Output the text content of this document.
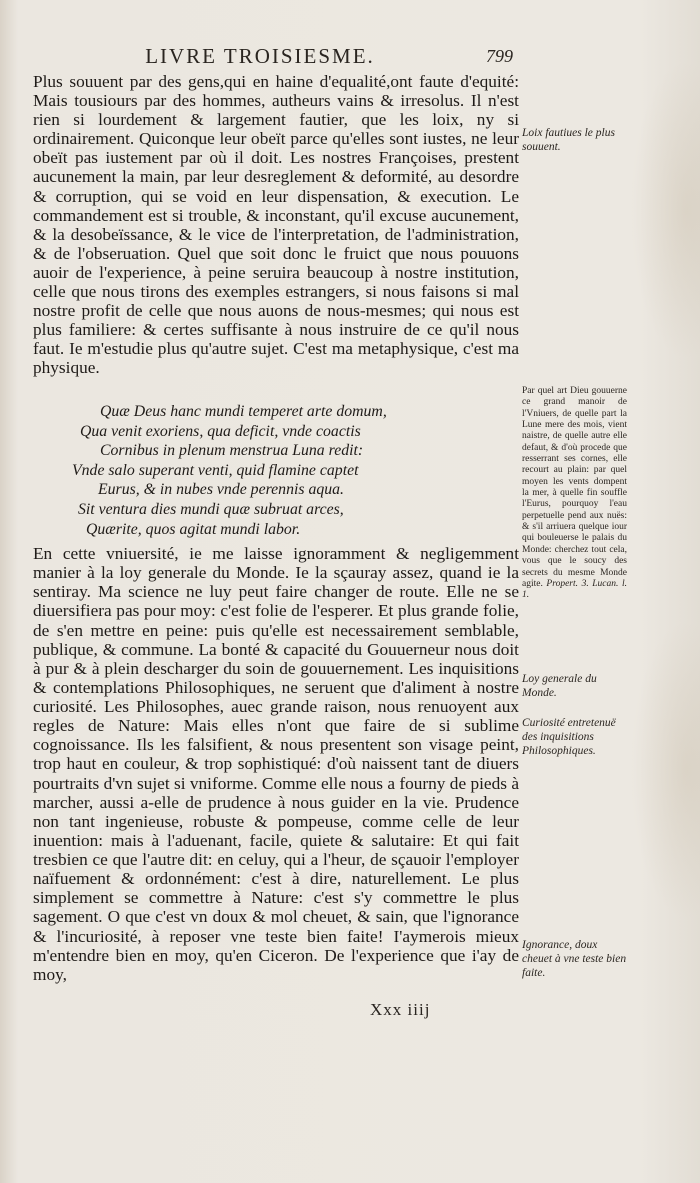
LIVRE TROISIESME.	799

Plus souuent par des gens,qui en haine d'equalité,ont faute d'equité: Mais tousiours par des hommes, autheurs vains & irresolus. Il n'est rien si lourdement & largement fautier, que les loix, ny si ordinairement. Quiconque leur obeït parce qu'elles sont iustes, ne leur obeït pas iustement par où il doit. Les nostres Françoises, prestent aucunement la main, par leur desreglement & deformité, au desordre & corruption, qui se void en leur dispensation, & execution. Le commandement est si trouble, & inconstant, qu'il excuse aucunement, & la desobeïssance, & le vice de l'interpretation, de l'administration, & de l'obseruation. Quel que soit donc le fruict que nous pouuons auoir de l'experience, à peine seruira beaucoup à nostre institution, celle que nous tirons des exemples estrangers, si nous faisons si mal nostre profit de celle que nous auons de nous-mesmes; qui nous est plus familiere: & certes suffisante à nous instruire de ce qu'il nous faut. Ie m'estudie plus qu'autre sujet. C'est ma metaphysique, c'est ma physique.

Quæ Deus hanc mundi temperet arte domum,
Qua venit exoriens, qua deficit, vnde coactis
Cornibus in plenum menstrua Luna redit:
Vnde salo superant venti, quid flamine captet
Eurus, & in nubes vnde perennis aqua.
Sit ventura dies mundi quæ subruat arces,
Quærite, quos agitat mundi labor.

En cette vniuersité, ie me laisse ignoramment & negligemment manier à la loy generale du Monde. Ie la sçauray assez, quand ie la sentiray. Ma science ne luy peut faire changer de route. Elle ne se diuersifiera pas pour moy: c'est folie de l'esperer. Et plus grande folie, de s'en mettre en peine: puis qu'elle est necessairement semblable, publique, & commune. La bonté & capacité du Gouuerneur nous doit à pur & à plein descharger du soin de gouuernement. Les inquisitions & contemplations Philosophiques, ne seruent que d'aliment à nostre curiosité. Les Philosophes, auec grande raison, nous renuoyent aux regles de Nature: Mais elles n'ont que faire de si sublime cognoissance. Ils les falsifient, & nous presentent son visage peint, trop haut en couleur, & trop sophistiqué: d'où naissent tant de diuers pourtraits d'vn sujet si vniforme. Comme elle nous a fourny de pieds à marcher, aussi a-elle de prudence à nous guider en la vie. Prudence non tant ingenieuse, robuste & pompeuse, comme celle de leur inuention: mais à l'aduenant, facile, quiete & salutaire: Et qui fait tresbien ce que l'autre dit: en celuy, qui a l'heur, de sçauoir l'employer naïfuement & ordonnément: c'est à dire, naturellement. Le plus simplement se commettre à Nature: c'est s'y commettre le plus sagement. O que c'est vn doux & mol cheuet, & sain, que l'ignorance & l'incuriosité, à reposer vne teste bien faite! I'aymerois mieux m'entendre bien en moy, qu'en Ciceron. De l'experience que i'ay de moy,

Xxx iiij
Loix fautiues le plus souuent.
Par quel art Dieu gouuerne ce grand manoir de l'Vniuers, de quelle part la Lune mere des mois, vient naistre, de quelle autre elle defaut, & d'où procede que resserrant ses cornes, elle recourt au plain: par quel moyen les vents dompent la mer, à quelle fin souffle l'Eurus, pourquoy l'eau perpetuelle pend aux nuës: & s'il arriuera quelque iour qui bouleuerse le palais du Monde: cherchez tout cela, vous que le soucy des secrets du mesme Monde agite. Propert. 3. Lucan. l. 1.
Loy generale du Monde.
Curiosité entretenuë des inquisitions Philosophiques.
Ignorance, doux cheuet à vne teste bien faite.
